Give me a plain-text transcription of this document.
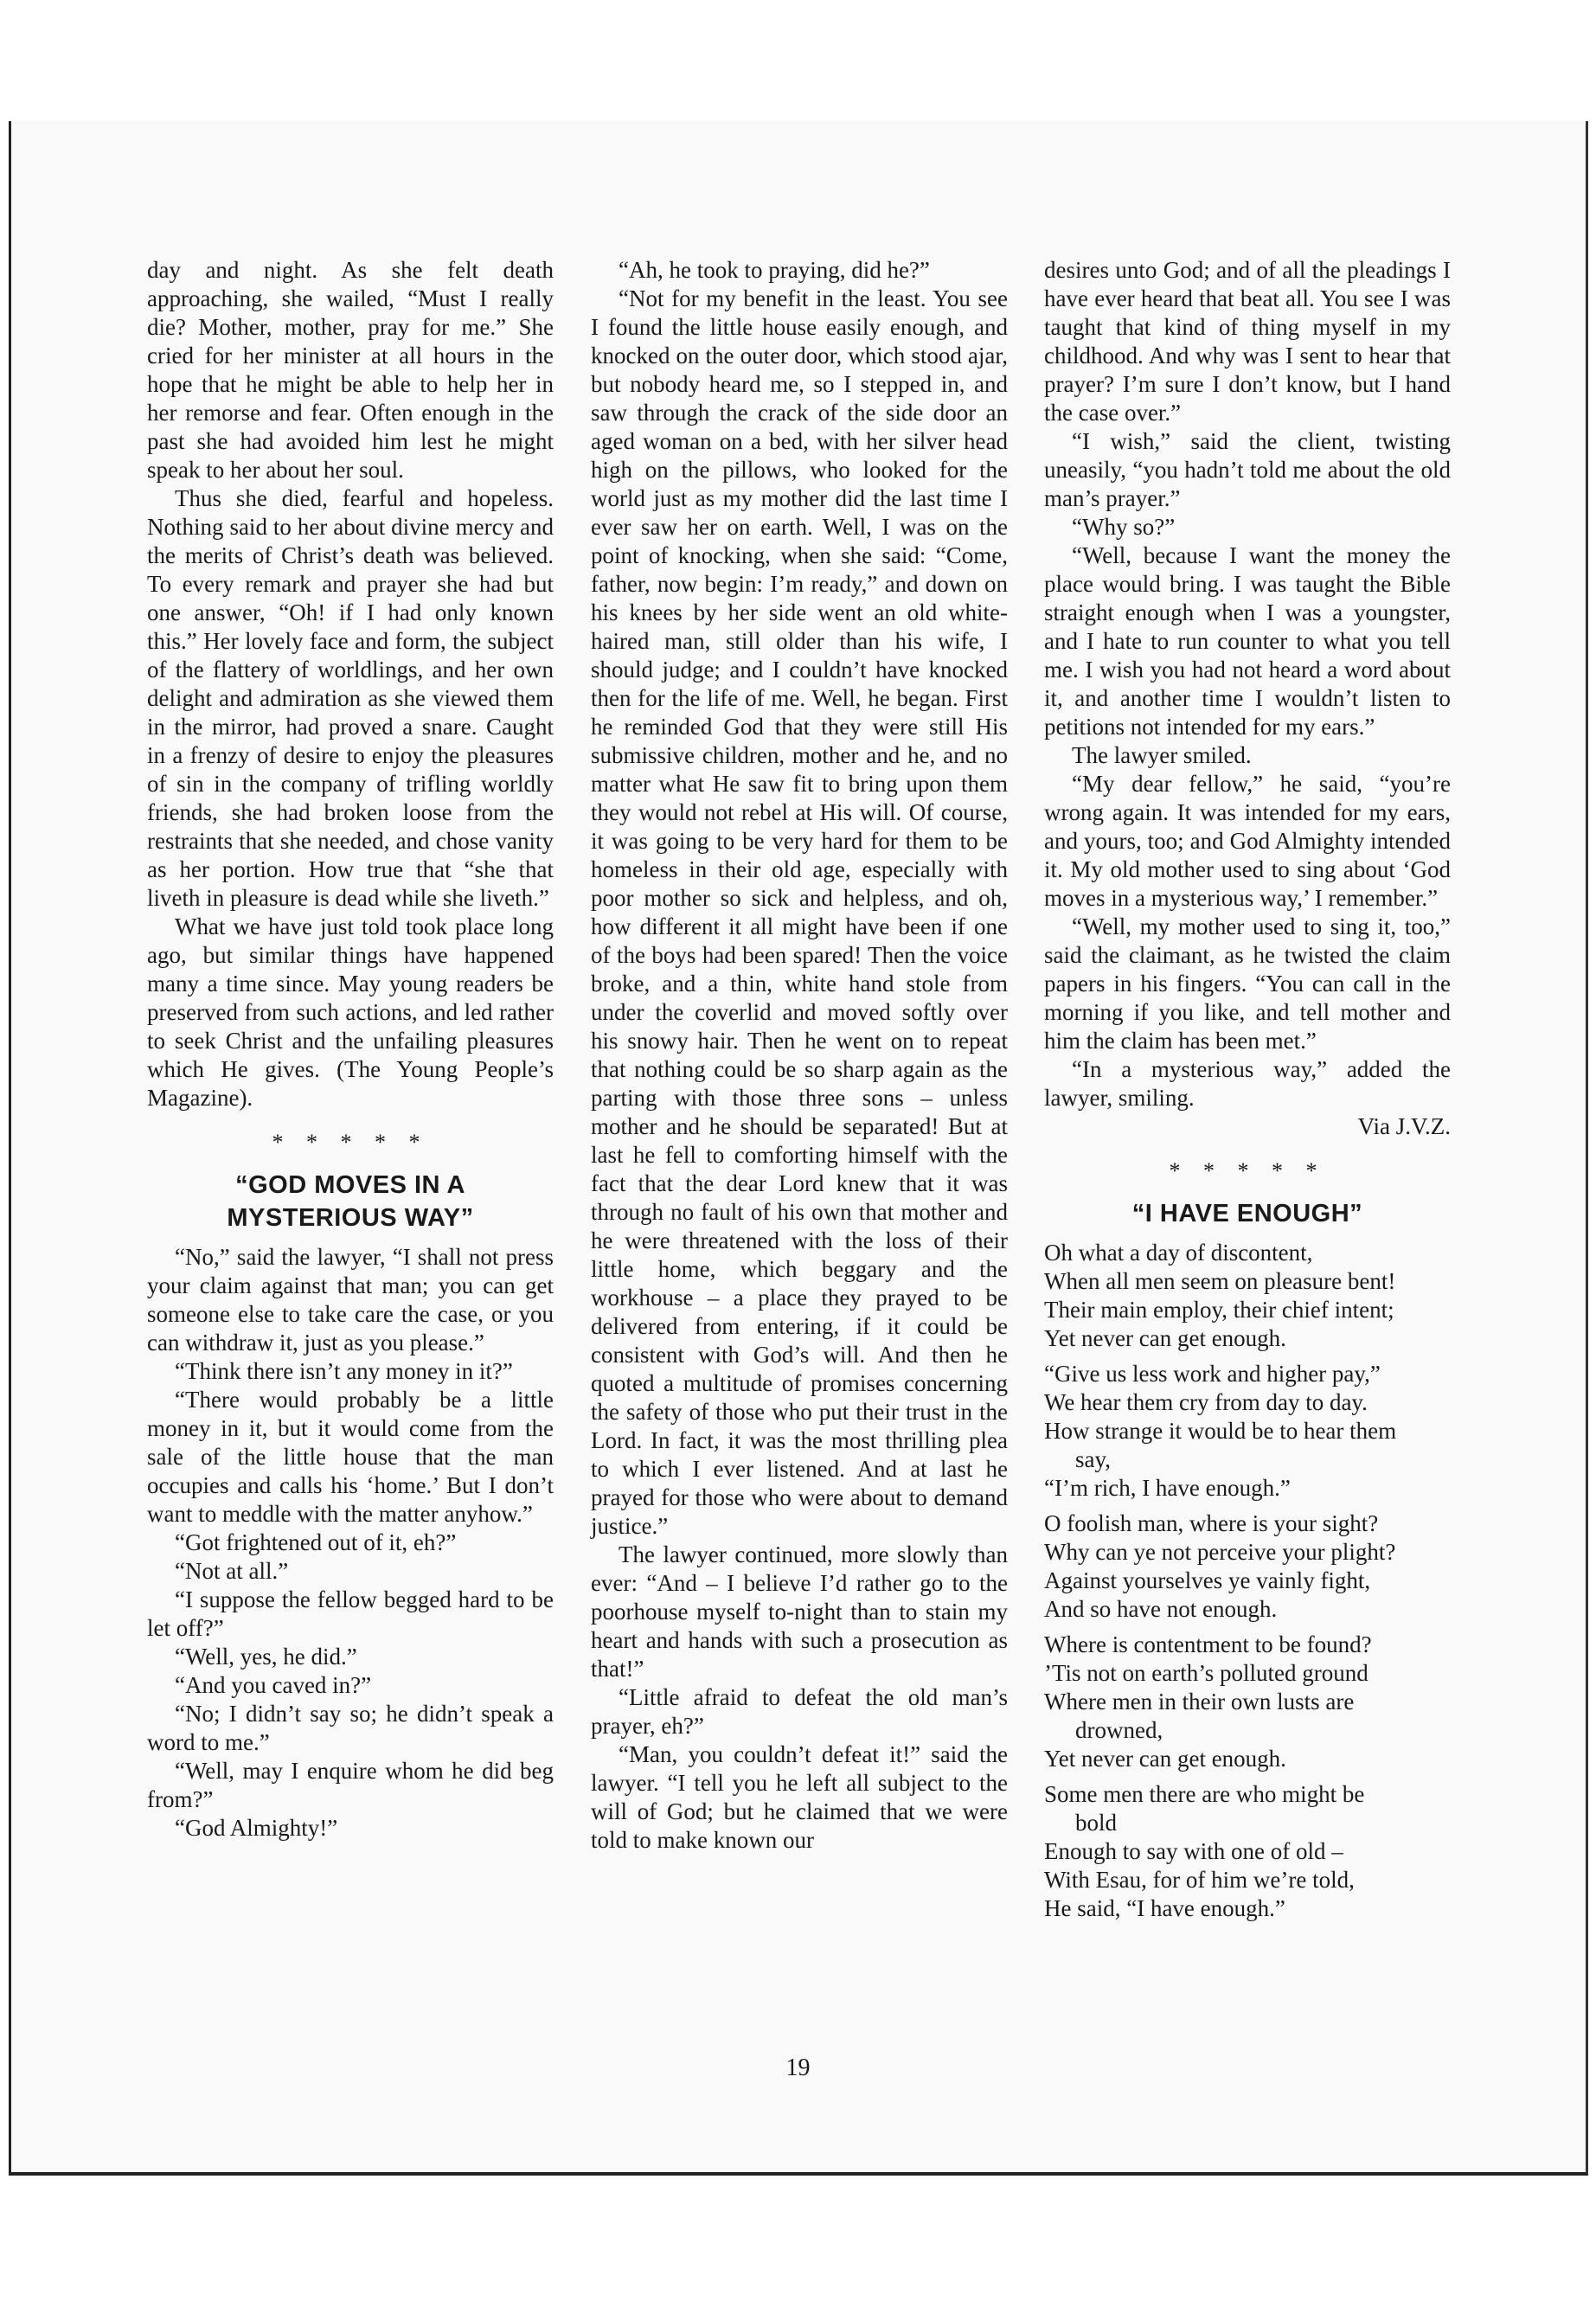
day and night. As she felt death approaching, she wailed, “Must I really die? Mother, mother, pray for me.” She cried for her minister at all hours in the hope that he might be able to help her in her remorse and fear. Often enough in the past she had avoided him lest he might speak to her about her soul.

Thus she died, fearful and hopeless. Nothing said to her about divine mercy and the merits of Christ’s death was believed. To every remark and prayer she had but one answer, “Oh! if I had only known this.” Her lovely face and form, the subject of the flattery of worldlings, and her own delight and admiration as she viewed them in the mirror, had proved a snare. Caught in a frenzy of desire to enjoy the pleasures of sin in the company of trifling worldly friends, she had broken loose from the restraints that she needed, and chose vanity as her portion. How true that “she that liveth in pleasure is dead while she liveth.”

What we have just told took place long ago, but similar things have happened many a time since. May young readers be preserved from such actions, and led rather to seek Christ and the unfailing pleasures which He gives. (The Young People’s Magazine).

* * * * *
“GOD MOVES IN A
MYSTERIOUS WAY”

“No,” said the lawyer, “I shall not press your claim against that man; you can get someone else to take care the case, or you can withdraw it, just as you please.”

“Think there isn’t any money in it?”

“There would probably be a little money in it, but it would come from the sale of the little house that the man occupies and calls his ‘home.’ But I don’t want to meddle with the matter anyhow.”

“Got frightened out of it, eh?”

“Not at all.”

“I suppose the fellow begged hard to be let off?”

“Well, yes, he did.”

“And you caved in?”

“No; I didn’t say so; he didn’t speak a word to me.”

“Well, may I enquire whom he did beg from?”

“God Almighty!”

“Ah, he took to praying, did he?”

“Not for my benefit in the least. You see I found the little house easily enough, and knocked on the outer door, which stood ajar, but nobody heard me, so I stepped in, and saw through the crack of the side door an aged woman on a bed, with her silver head high on the pillows, who looked for the world just as my mother did the last time I ever saw her on earth. Well, I was on the point of knocking, when she said: “Come, father, now begin: I’m ready,” and down on his knees by her side went an old white-haired man, still older than his wife, I should judge; and I couldn’t have knocked then for the life of me. Well, he began. First he reminded God that they were still His submissive children, mother and he, and no matter what He saw fit to bring upon them they would not rebel at His will. Of course, it was going to be very hard for them to be homeless in their old age, especially with poor mother so sick and helpless, and oh, how different it all might have been if one of the boys had been spared! Then the voice broke, and a thin, white hand stole from under the coverlid and moved softly over his snowy hair. Then he went on to repeat that nothing could be so sharp again as the parting with those three sons – unless mother and he should be separated! But at last he fell to comforting himself with the fact that the dear Lord knew that it was through no fault of his own that mother and he were threatened with the loss of their little home, which beggary and the workhouse – a place they prayed to be delivered from entering, if it could be consistent with God’s will. And then he quoted a multitude of promises concerning the safety of those who put their trust in the Lord. In fact, it was the most thrilling plea to which I ever listened. And at last he prayed for those who were about to demand justice.”

The lawyer continued, more slowly than ever: “And – I believe I’d rather go to the poorhouse myself to-night than to stain my heart and hands with such a prosecution as that!”

“Little afraid to defeat the old man’s prayer, eh?”

“Man, you couldn’t defeat it!” said the lawyer. “I tell you he left all subject to the will of God; but he claimed that we were told to make known our

desires unto God; and of all the pleadings I have ever heard that beat all. You see I was taught that kind of thing myself in my childhood. And why was I sent to hear that prayer? I’m sure I don’t know, but I hand the case over.”

“I wish,” said the client, twisting uneasily, “you hadn’t told me about the old man’s prayer.”

“Why so?”

“Well, because I want the money the place would bring. I was taught the Bible straight enough when I was a youngster, and I hate to run counter to what you tell me. I wish you had not heard a word about it, and another time I wouldn’t listen to petitions not intended for my ears.”

The lawyer smiled.

“My dear fellow,” he said, “you’re wrong again. It was intended for my ears, and yours, too; and God Almighty intended it. My old mother used to sing about ‘God moves in a mysterious way,’ I remember.”

“Well, my mother used to sing it, too,” said the claimant, as he twisted the claim papers in his fingers. “You can call in the morning if you like, and tell mother and him the claim has been met.”

“In a mysterious way,” added the lawyer, smiling.

Via J.V.Z.

* * * * *
“I HAVE ENOUGH”
Oh what a day of discontent,
When all men seem on pleasure bent!
Their main employ, their chief intent;
Yet never can get enough.
“Give us less work and higher pay,”
We hear them cry from day to day.
How strange it would be to hear them
say,
“I’m rich, I have enough.”
O foolish man, where is your sight?
Why can ye not perceive your plight?
Against yourselves ye vainly fight,
And so have not enough.
Where is contentment to be found?
’Tis not on earth’s polluted ground
Where men in their own lusts are
drowned,
Yet never can get enough.
Some men there are who might be
bold
Enough to say with one of old –
With Esau, for of him we’re told,
He said, “I have enough.”
19
